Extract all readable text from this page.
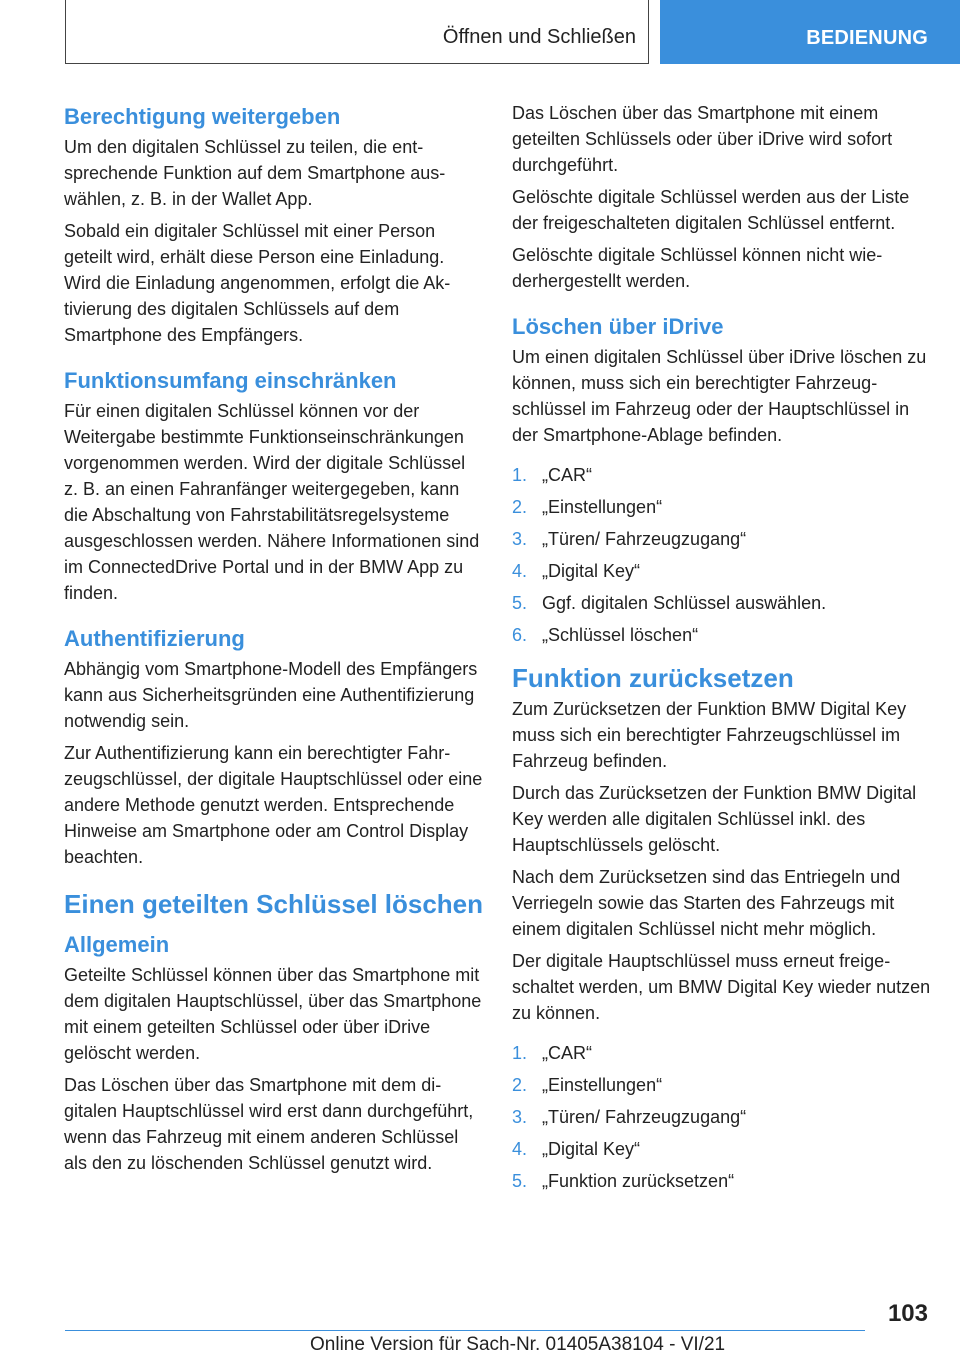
Öffnen und Schließen	BEDIENUNG
Berechtigung weitergeben

Um den digitalen Schlüssel zu teilen, die entsprechende Funktion auf dem Smartphone auswählen, z. B. in der Wallet App.

Sobald ein digitaler Schlüssel mit einer Person geteilt wird, erhält diese Person eine Einladung. Wird die Einladung angenommen, erfolgt die Aktivierung des digitalen Schlüssels auf dem Smartphone des Empfängers.

Funktionsumfang einschränken

Für einen digitalen Schlüssel können vor der Weitergabe bestimmte Funktionseinschränkungen vorgenommen werden. Wird der digitale Schlüssel z. B. an einen Fahranfänger weitergegeben, kann die Abschaltung von Fahrstabilitätsregelsysteme ausgeschlossen werden. Nähere Informationen sind im ConnectedDrive Portal und in der BMW App zu finden.

Authentifizierung

Abhängig vom Smartphone-Modell des Empfängers kann aus Sicherheitsgründen eine Authentifizierung notwendig sein.

Zur Authentifizierung kann ein berechtigter Fahrzeugschlüssel, der digitale Hauptschlüssel oder eine andere Methode genutzt werden. Entsprechende Hinweise am Smartphone oder am Control Display beachten.

Einen geteilten Schlüssel löschen
Allgemein

Geteilte Schlüssel können über das Smartphone mit dem digitalen Hauptschlüssel, über das Smartphone mit einem geteilten Schlüssel oder über iDrive gelöscht werden.

Das Löschen über das Smartphone mit dem digitalen Hauptschlüssel wird erst dann durchgeführt, wenn das Fahrzeug mit einem anderen Schlüssel als den zu löschenden Schlüssel genutzt wird.

Das Löschen über das Smartphone mit einem geteilten Schlüssels oder über iDrive wird sofort durchgeführt.

Gelöschte digitale Schlüssel werden aus der Liste der freigeschalteten digitalen Schlüssel entfernt.

Gelöschte digitale Schlüssel können nicht wiederhergestellt werden.

Löschen über iDrive

Um einen digitalen Schlüssel über iDrive löschen zu können, muss sich ein berechtigter Fahrzeugschlüssel im Fahrzeug oder der Hauptschlüssel in der Smartphone-Ablage befinden.

1. „CAR“
2. „Einstellungen“
3. „Türen/ Fahrzeugzugang“
4. „Digital Key“
5. Ggf. digitalen Schlüssel auswählen.
6. „Schlüssel löschen“
Funktion zurücksetzen

Zum Zurücksetzen der Funktion BMW Digital Key muss sich ein berechtigter Fahrzeugschlüssel im Fahrzeug befinden.

Durch das Zurücksetzen der Funktion BMW Digital Key werden alle digitalen Schlüssel inkl. des Hauptschlüssels gelöscht.

Nach dem Zurücksetzen sind das Entriegeln und Verriegeln sowie das Starten des Fahrzeugs mit einem digitalen Schlüssel nicht mehr möglich.

Der digitale Hauptschlüssel muss erneut freigeschaltet werden, um BMW Digital Key wieder nutzen zu können.

1. „CAR“
2. „Einstellungen“
3. „Türen/ Fahrzeugzugang“
4. „Digital Key“
5. „Funktion zurücksetzen“
103
Online Version für Sach-Nr. 01405A38104 - VI/21
